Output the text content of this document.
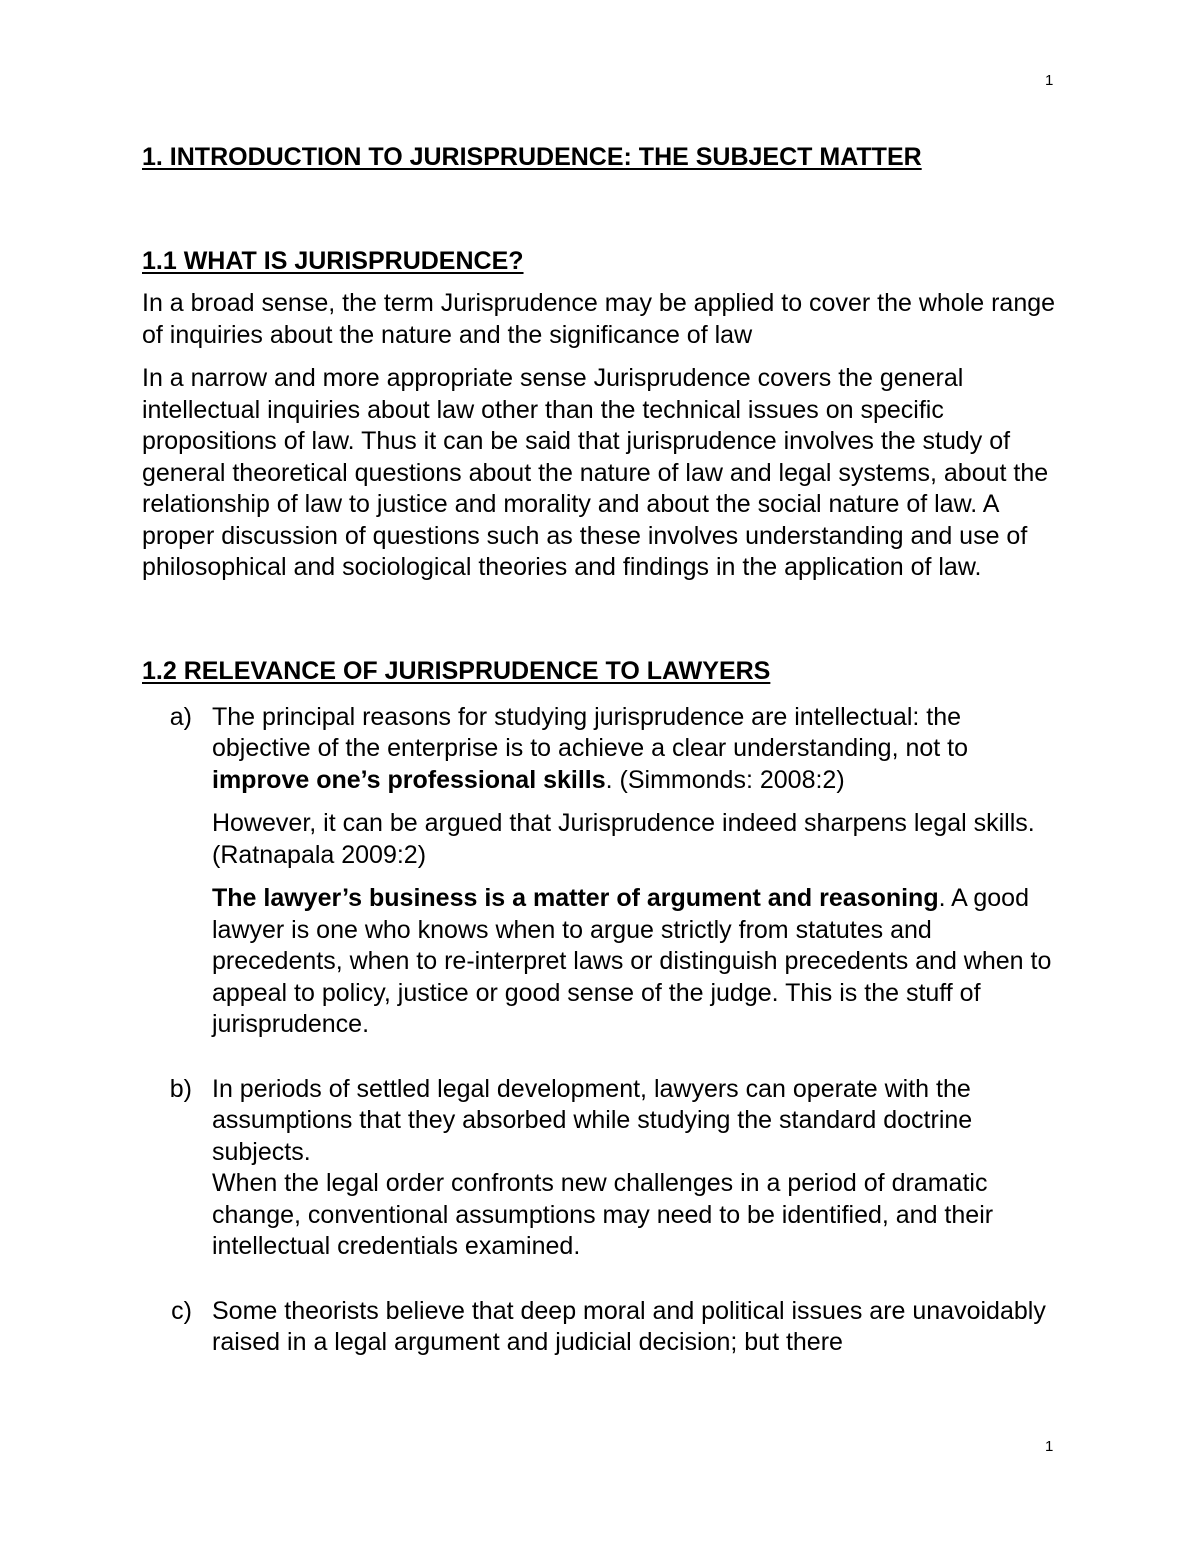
1
1. INTRODUCTION TO JURISPRUDENCE: THE SUBJECT MATTER
1.1 WHAT IS JURISPRUDENCE?

In a broad sense, the term Jurisprudence may be applied to cover the whole range of inquiries about the nature and the significance of law

In a narrow and more appropriate sense Jurisprudence covers the general intellectual inquiries about law other than the technical issues on specific propositions of law. Thus it can be said that jurisprudence involves the study of general theoretical questions about the nature of law and legal systems, about the relationship of law to justice and morality and about the social nature of law. A proper discussion of questions such as these involves understanding and use of philosophical and sociological theories and findings in the application of law.

1.2 RELEVANCE OF JURISPRUDENCE TO LAWYERS
a) The principal reasons for studying jurisprudence are intellectual: the objective of the enterprise is to achieve a clear understanding, not to improve one’s professional skills. (Simmonds: 2008:2)

However, it can be argued that Jurisprudence indeed sharpens legal skills. (Ratnapala 2009:2)

The lawyer’s business is a matter of argument and reasoning. A good lawyer is one who knows when to argue strictly from statutes and precedents, when to re-interpret laws or distinguish precedents and when to appeal to policy, justice or good sense of the judge. This is the stuff of jurisprudence.

b) In periods of settled legal development, lawyers can operate with the assumptions that they absorbed while studying the standard doctrine subjects.

When the legal order confronts new challenges in a period of dramatic change, conventional assumptions may need to be identified, and their intellectual credentials examined.

c) Some theorists believe that deep moral and political issues are unavoidably raised in a legal argument and judicial decision; but there

1
